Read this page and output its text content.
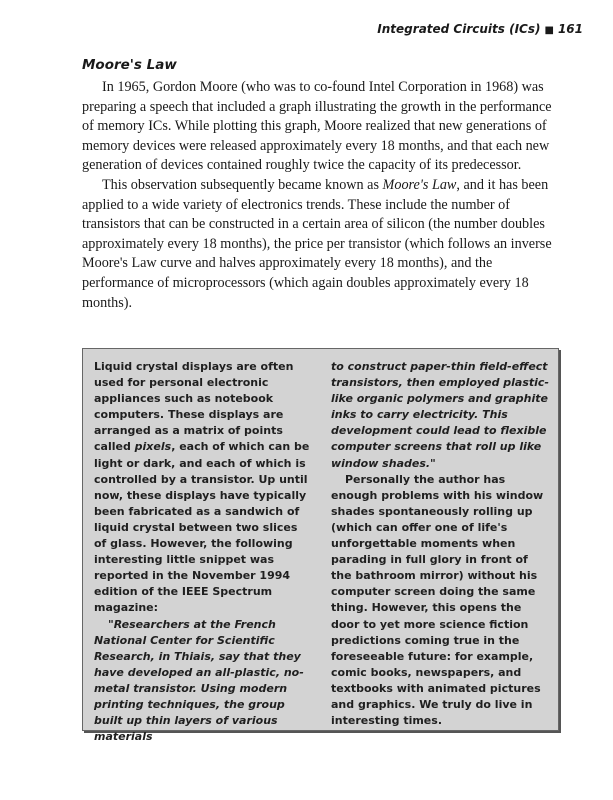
Integrated Circuits (ICs) ■ 161
Moore's Law

In 1965, Gordon Moore (who was to co-found Intel Corporation in 1968) was preparing a speech that included a graph illustrating the growth in the performance of memory ICs. While plotting this graph, Moore realized that new generations of memory devices were released approximately every 18 months, and that each new generation of devices contained roughly twice the capacity of its predecessor.

This observation subsequently became known as Moore's Law, and it has been applied to a wide variety of electronics trends. These include the number of transistors that can be constructed in a certain area of silicon (the number doubles approximately every 18 months), the price per transistor (which follows an inverse Moore's Law curve and halves approximately every 18 months), and the performance of microprocessors (which again doubles approximately every 18 months).

Liquid crystal displays are often used for personal electronic appliances such as notebook computers. These displays are arranged as a matrix of points called pixels, each of which can be light or dark, and each of which is controlled by a transistor. Up until now, these displays have typically been fabricated as a sandwich of liquid crystal between two slices of glass. However, the following interesting little snippet was reported in the November 1994 edition of the IEEE Spectrum magazine:

"Researchers at the French National Center for Scientific Research, in Thiais, say that they have developed an all-plastic, no-metal transistor. Using modern printing techniques, the group built up thin layers of various materials

to construct paper-thin field-effect transistors, then employed plastic-like organic polymers and graphite inks to carry electricity. This development could lead to flexible computer screens that roll up like window shades."

Personally the author has enough problems with his window shades spontaneously rolling up (which can offer one of life's unforgettable moments when parading in full glory in front of the bathroom mirror) without his computer screen doing the same thing. However, this opens the door to yet more science fiction predictions coming true in the foreseeable future: for example, comic books, newspapers, and textbooks with animated pictures and graphics. We truly do live in interesting times.
